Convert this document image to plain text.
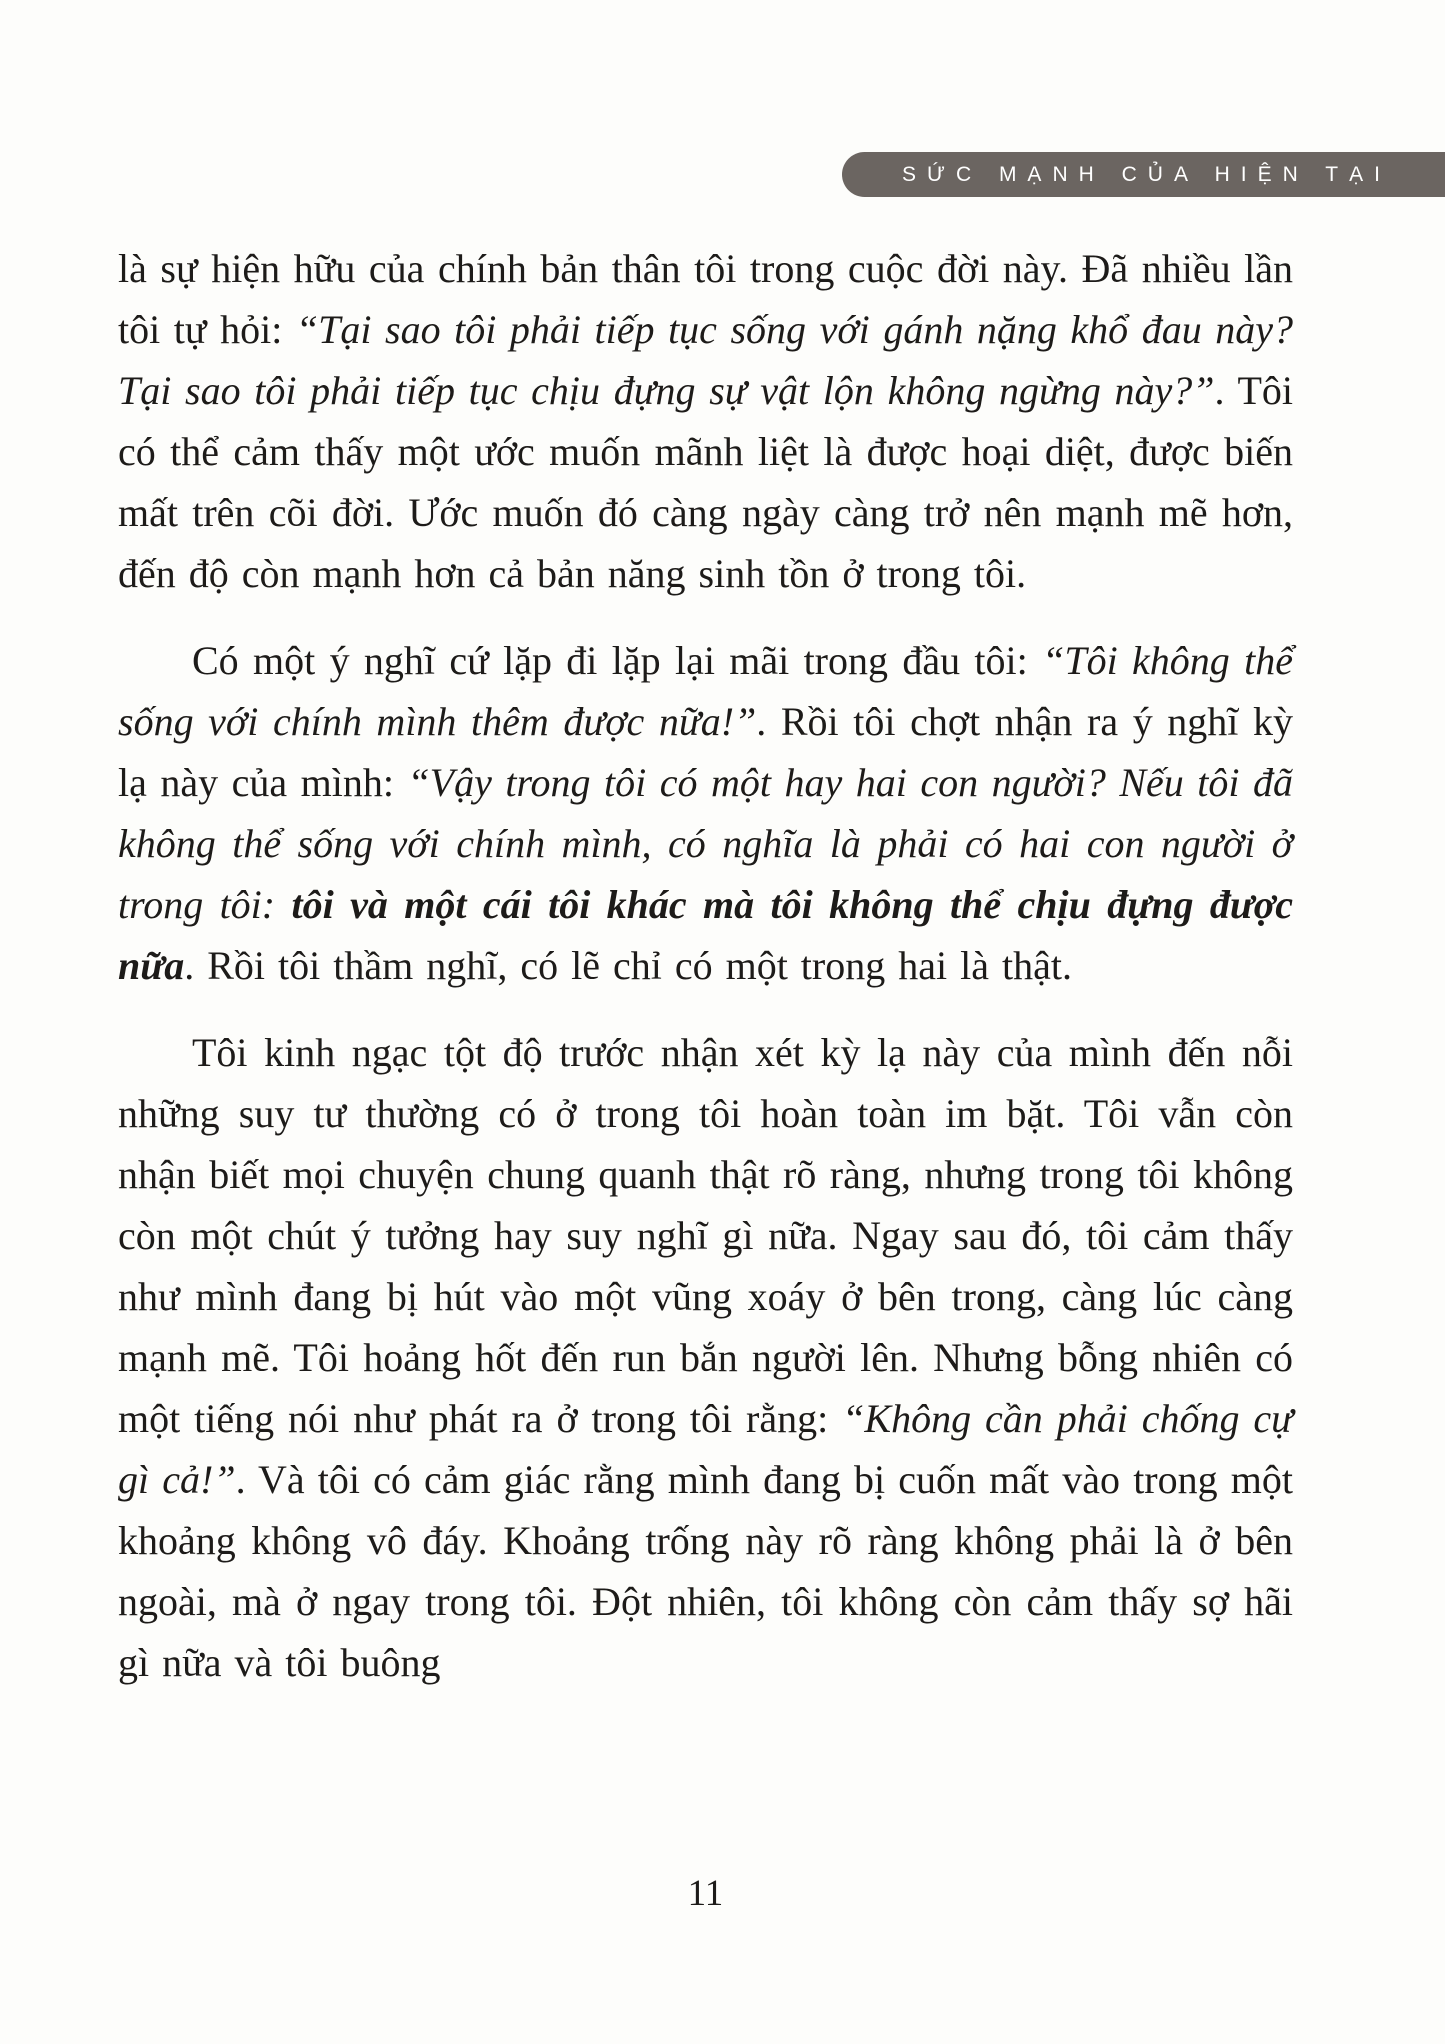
SỨC MẠNH CỦA HIỆN TẠI

là sự hiện hữu của chính bản thân tôi trong cuộc đời này. Đã nhiều lần tôi tự hỏi: “Tại sao tôi phải tiếp tục sống với gánh nặng khổ đau này? Tại sao tôi phải tiếp tục chịu đựng sự vật lộn không ngừng này?”. Tôi có thể cảm thấy một ước muốn mãnh liệt là được hoại diệt, được biến mất trên cõi đời. Ước muốn đó càng ngày càng trở nên mạnh mẽ hơn, đến độ còn mạnh hơn cả bản năng sinh tồn ở trong tôi.

Có một ý nghĩ cứ lặp đi lặp lại mãi trong đầu tôi: “Tôi không thể sống với chính mình thêm được nữa!”. Rồi tôi chợt nhận ra ý nghĩ kỳ lạ này của mình: “Vậy trong tôi có một hay hai con người? Nếu tôi đã không thể sống với chính mình, có nghĩa là phải có hai con người ở trong tôi: tôi và một cái tôi khác mà tôi không thể chịu đựng được nữa. Rồi tôi thầm nghĩ, có lẽ chỉ có một trong hai là thật.

Tôi kinh ngạc tột độ trước nhận xét kỳ lạ này của mình đến nỗi những suy tư thường có ở trong tôi hoàn toàn im bặt. Tôi vẫn còn nhận biết mọi chuyện chung quanh thật rõ ràng, nhưng trong tôi không còn một chút ý tưởng hay suy nghĩ gì nữa. Ngay sau đó, tôi cảm thấy như mình đang bị hút vào một vũng xoáy ở bên trong, càng lúc càng mạnh mẽ. Tôi hoảng hốt đến run bắn người lên. Nhưng bỗng nhiên có một tiếng nói như phát ra ở trong tôi rằng: “Không cần phải chống cự gì cả!”. Và tôi có cảm giác rằng mình đang bị cuốn mất vào trong một khoảng không vô đáy. Khoảng trống này rõ ràng không phải là ở bên ngoài, mà ở ngay trong tôi. Đột nhiên, tôi không còn cảm thấy sợ hãi gì nữa và tôi buông

11
